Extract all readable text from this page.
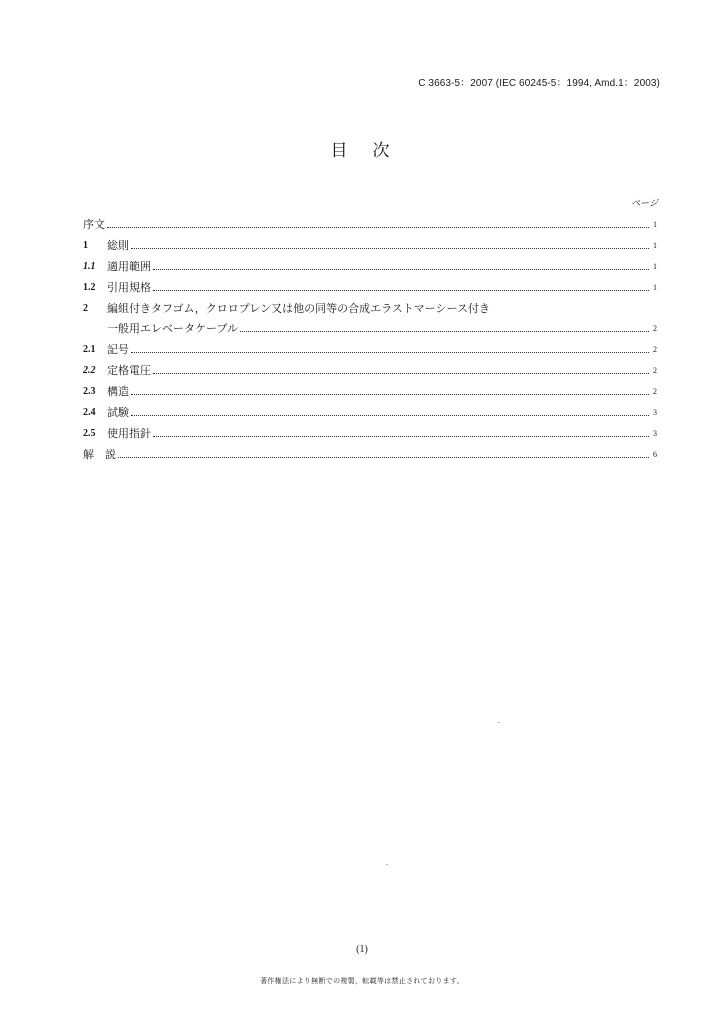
C 3663-5：2007 (IEC 60245-5：1994, Amd.1：2003)
目　次
ページ
序文	1
1	総則	1
1.1	適用範囲	1
1.2	引用規格	1
2	編組付きタフゴム，クロロプレン又は他の同等の合成エラストマーシース付き
一般用エレベータケーブル	2
2.1	記号	2
2.2	定格電圧	2
2.3	構造	2
2.4	試験	3
2.5	使用指針	3
解　説	6
(1)
著作権法により無断での複製，転載等は禁止されております。
